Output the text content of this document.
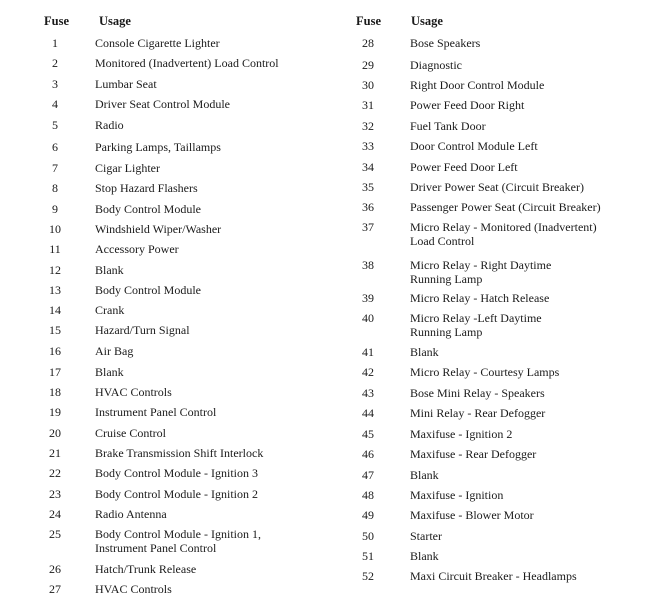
Fuse Usage
1	Console Cigarette Lighter
2	Monitored (Inadvertent) Load Control
3	Lumbar Seat
4	Driver Seat Control Module
5	Radio
6	Parking Lamps, Taillamps
7	Cigar Lighter
8	Stop Hazard Flashers
9	Body Control Module
10	Windshield Wiper/Washer
11	Accessory Power
12	Blank
13	Body Control Module
14	Crank
15	Hazard/Turn Signal
16	Air Bag
17	Blank
18	HVAC Controls
19	Instrument Panel Control
20	Cruise Control
21	Brake Transmission Shift Interlock
22	Body Control Module - Ignition 3
23	Body Control Module - Ignition 2
24	Radio Antenna
25	Body Control Module - Ignition 1,
Instrument Panel Control
26	Hatch/Trunk Release
27	HVAC Controls
Fuse Usage
28	Bose Speakers
29	Diagnostic
30	Right Door Control Module
31	Power Feed Door Right
32	Fuel Tank Door
33	Door Control Module Left
34	Power Feed Door Left
35	Driver Power Seat (Circuit Breaker)
36	Passenger Power Seat (Circuit Breaker)
37	Micro Relay - Monitored (Inadvertent)
Load Control
38	Micro Relay - Right Daytime
Running Lamp
39	Micro Relay - Hatch Release
40	Micro Relay -Left Daytime
Running Lamp
41	Blank
42	Micro Relay - Courtesy Lamps
43	Bose Mini Relay - Speakers
44	Mini Relay - Rear Defogger
45	Maxifuse - Ignition 2
46	Maxifuse - Rear Defogger
47	Blank
48	Maxifuse - Ignition
49	Maxifuse - Blower Motor
50	Starter
51	Blank
52	Maxi Circuit Breaker - Headlamps
